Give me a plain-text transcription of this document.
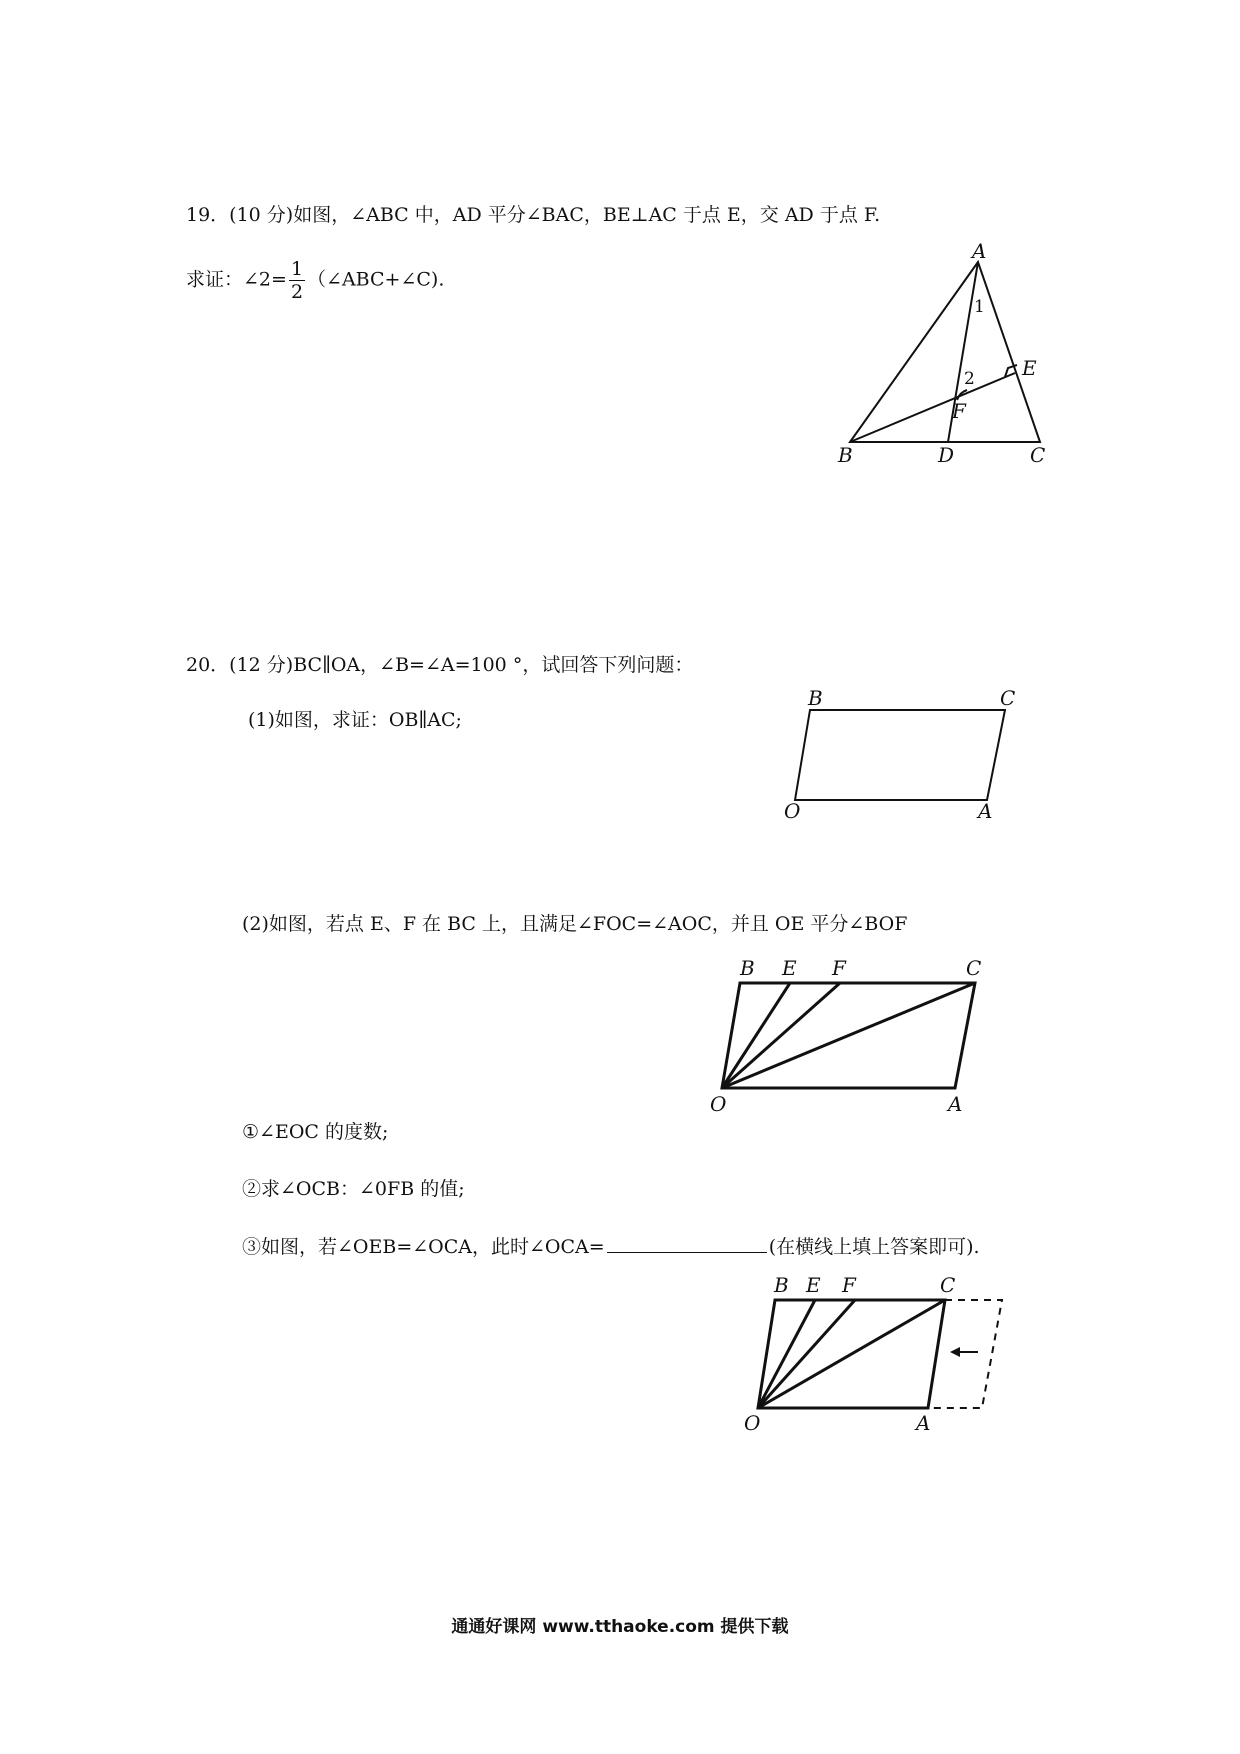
19．(10 分)如图，∠ABC 中，AD 平分∠BAC，BE⊥AC 于点 E，交 AD 于点 F.
求证：∠2= $\frac{1}{2}$ （∠ABC+∠C).
A
B	D	C
E
F
1
2
20．(12 分)BC∥OA，∠B=∠A=100 °，试回答下列问题：
(1)如图，求证：OB∥AC;
B	C
O	A
(2)如图，若点 E、F 在 BC 上，且满足∠FOC=∠AOC，并且 OE 平分∠BOF
B E F	C
O	A
①∠EOC 的度数;
②求∠OCB：∠0FB 的值;
③如图，若∠OEB=∠OCA，此时∠OCA=	(在横线上填上答案即可).
B E F	C
O	A
通通好课网 www.tthaoke.com 提供下载
